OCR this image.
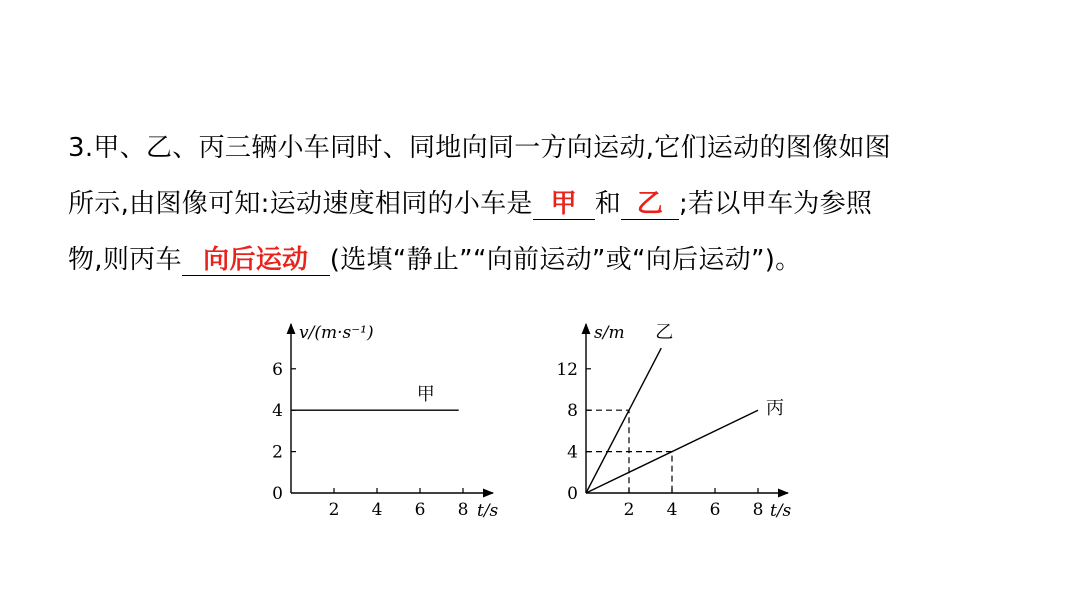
3.甲、乙、丙三辆小车同时、同地向同一方向运动,它们运动的图像如图
所示,由图像可知:运动速度相同的小车是 甲 和 乙 ;若以甲车为参照
物,则丙车 向后运动 (选填“静止”“向前运动”或“向后运动”)。
v/(m·s⁻¹)
t/s
2 4 6 8
0
2
4
6
甲
s/m
t/s
2 4 6 8
0
4
8
12
乙
丙
